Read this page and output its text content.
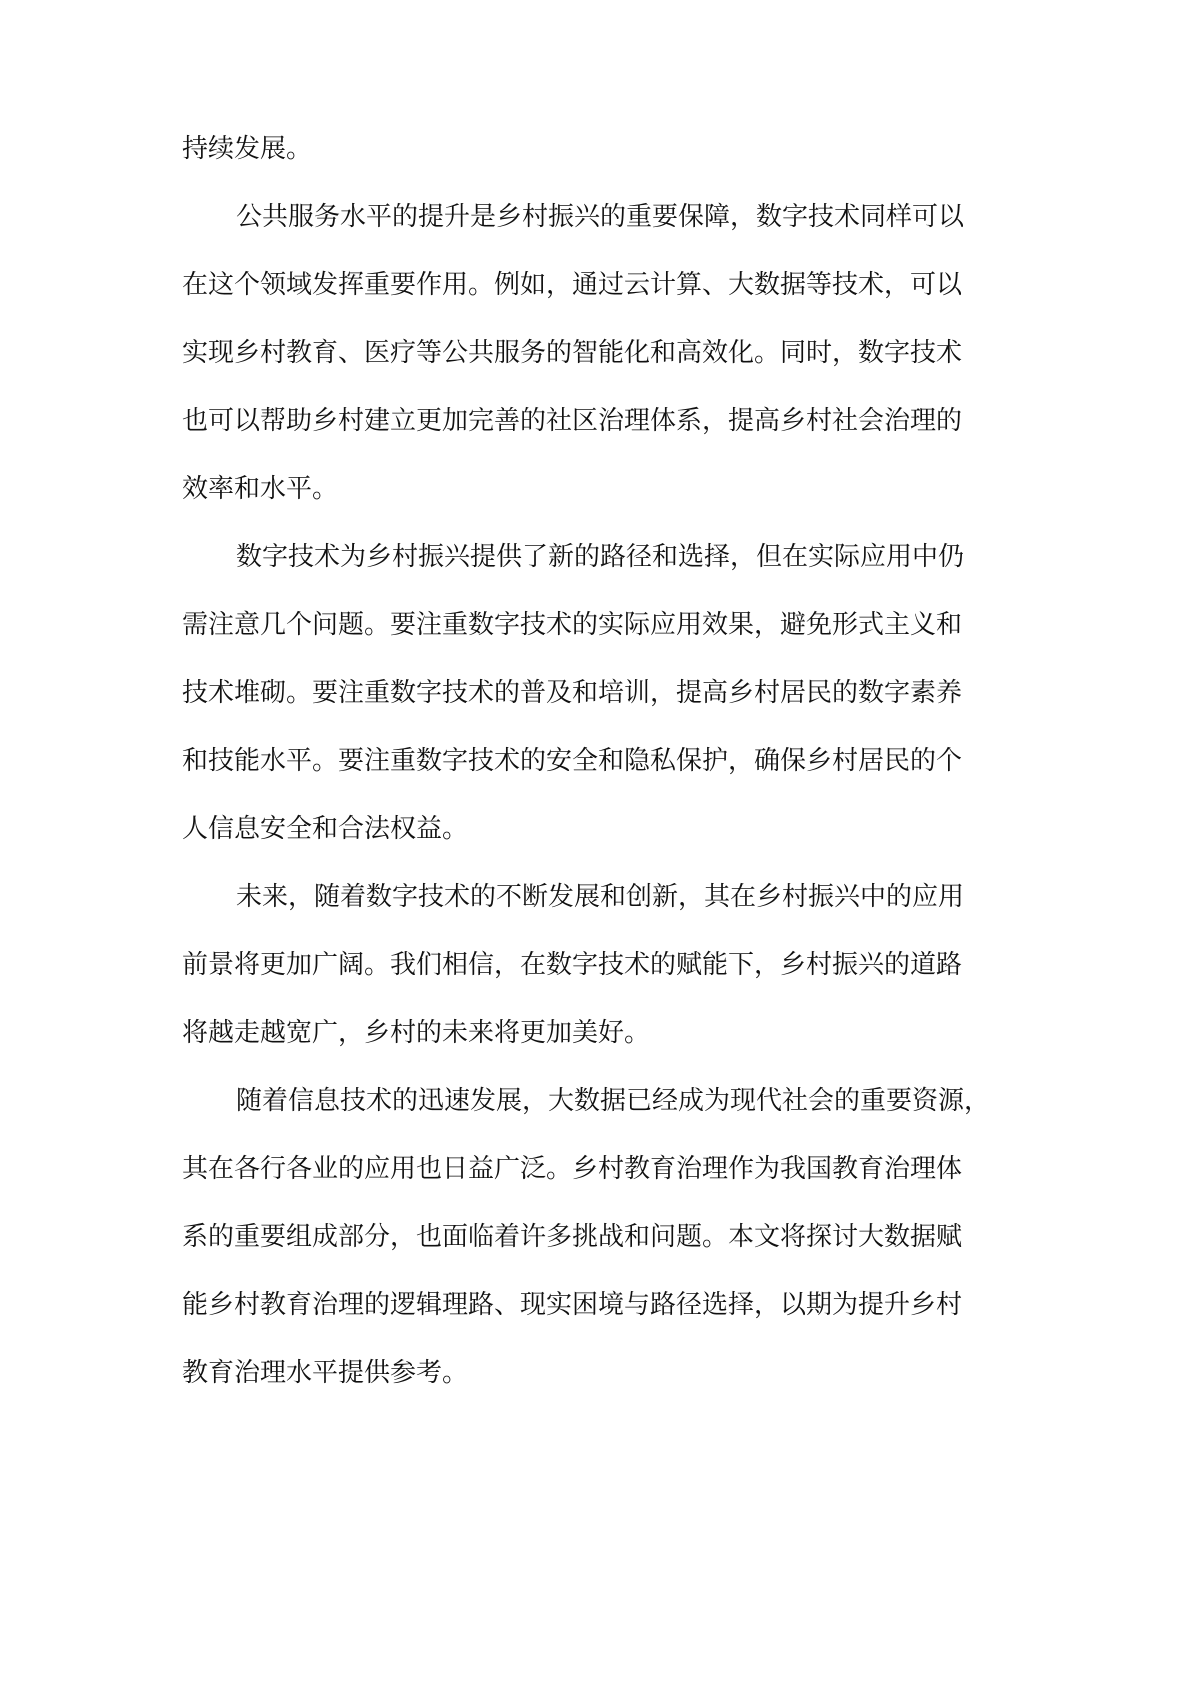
持续发展。
公共服务水平的提升是乡村振兴的重要保障，数字技术同样可以
在这个领域发挥重要作用。例如，通过云计算、大数据等技术，可以
实现乡村教育、医疗等公共服务的智能化和高效化。同时，数字技术
也可以帮助乡村建立更加完善的社区治理体系，提高乡村社会治理的
效率和水平。
数字技术为乡村振兴提供了新的路径和选择，但在实际应用中仍
需注意几个问题。要注重数字技术的实际应用效果，避免形式主义和
技术堆砌。要注重数字技术的普及和培训，提高乡村居民的数字素养
和技能水平。要注重数字技术的安全和隐私保护，确保乡村居民的个
人信息安全和合法权益。
未来，随着数字技术的不断发展和创新，其在乡村振兴中的应用
前景将更加广阔。我们相信，在数字技术的赋能下，乡村振兴的道路
将越走越宽广，乡村的未来将更加美好。
随着信息技术的迅速发展，大数据已经成为现代社会的重要资源，
其在各行各业的应用也日益广泛。乡村教育治理作为我国教育治理体
系的重要组成部分，也面临着许多挑战和问题。本文将探讨大数据赋
能乡村教育治理的逻辑理路、现实困境与路径选择，以期为提升乡村
教育治理水平提供参考。
